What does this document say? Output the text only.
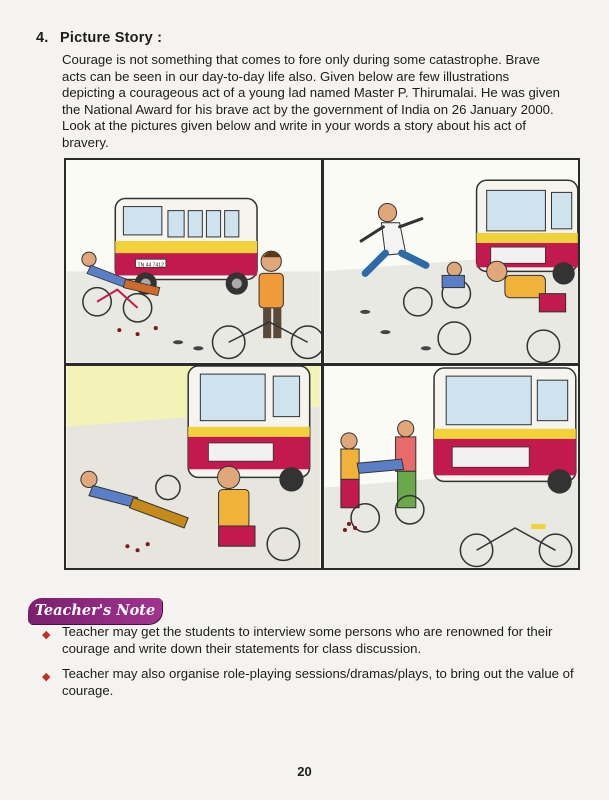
4. Picture Story :
Courage is not something that comes to fore only during some catastrophe. Brave
acts can be seen in our day-to-day life also. Given below are few illustrations
depicting a courageous act of a young lad named Master P. Thirumalai. He was given
the National Award for his brave act by the government of India on 26 January 2000.
Look at the pictures given below and write in your words a story about his act of
bravery.
TN 44 7412
Teacher's Note
◆ Teacher may get the students to interview some persons who are renowned for their courage and write down their statements for class discussion.
◆ Teacher may also organise role-playing sessions/dramas/plays, to bring out the value of courage.
20
